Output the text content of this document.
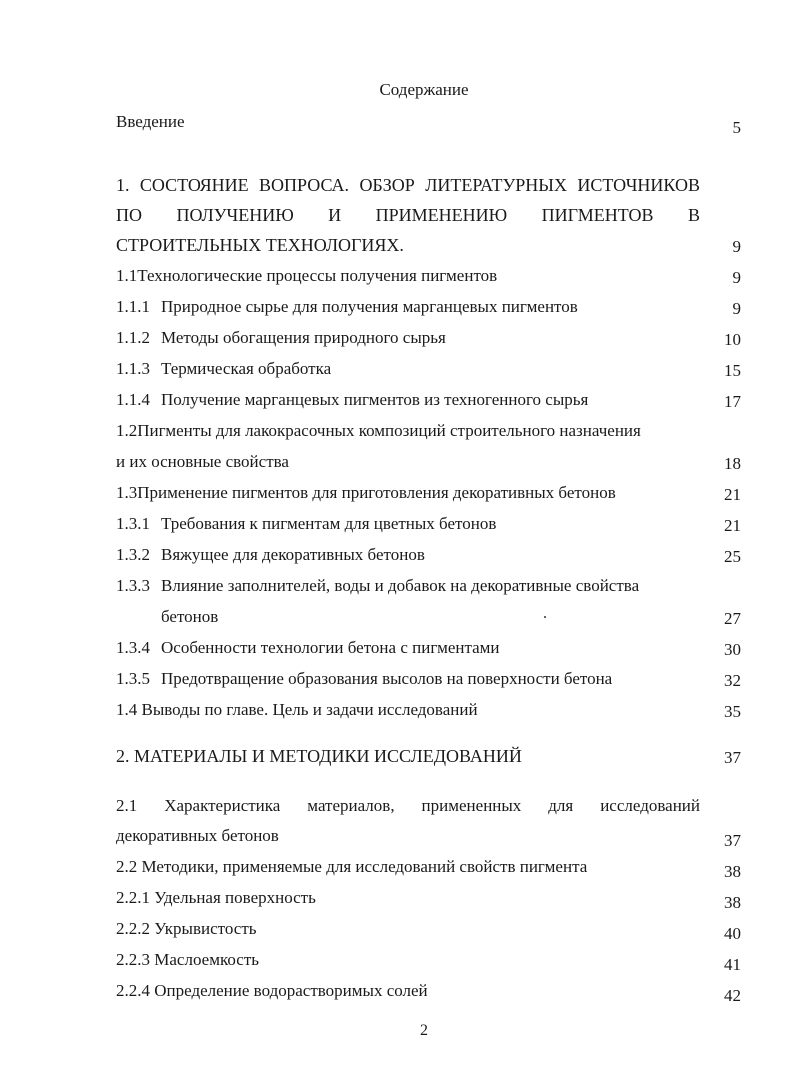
Содержание
Введение	5
1. СОСТОЯНИЕ ВОПРОСА. ОБЗОР ЛИТЕРАТУРНЫХ ИСТОЧНИКОВ
ПО ПОЛУЧЕНИЮ И ПРИМЕНЕНИЮ ПИГМЕНТОВ В
СТРОИТЕЛЬНЫХ ТЕХНОЛОГИЯХ.	9
1.1Технологические процессы получения пигментов	9
1.1.1 Природное сырье для получения марганцевых пигментов	9
1.1.2 Методы обогащения природного сырья	10
1.1.3 Термическая обработка	15
1.1.4 Получение марганцевых пигментов из техногенного сырья	17
1.2Пигменты для лакокрасочных композиций строительного назначения
и их основные свойства	18
1.3Применение пигментов для приготовления декоративных бетонов	21
1.3.1 Требования к пигментам для цветных бетонов	21
1.3.2 Вяжущее для декоративных бетонов	25
1.3.3 Влияние заполнителей, воды и добавок на декоративные свойства
бетонов	27
1.3.4 Особенности технологии бетона с пигментами	30
1.3.5 Предотвращение образования высолов на поверхности бетона	32
1.4 Выводы по главе. Цель и задачи исследований	35
2. МАТЕРИАЛЫ И МЕТОДИКИ ИССЛЕДОВАНИЙ	37
2.1 Характеристика материалов, примененных для исследований
декоративных бетонов	37
2.2 Методики, применяемые для исследований свойств пигмента	38
2.2.1 Удельная поверхность	38
2.2.2 Укрывистость	40
2.2.3 Маслоемкость	41
2.2.4 Определение водорастворимых солей	42
2
